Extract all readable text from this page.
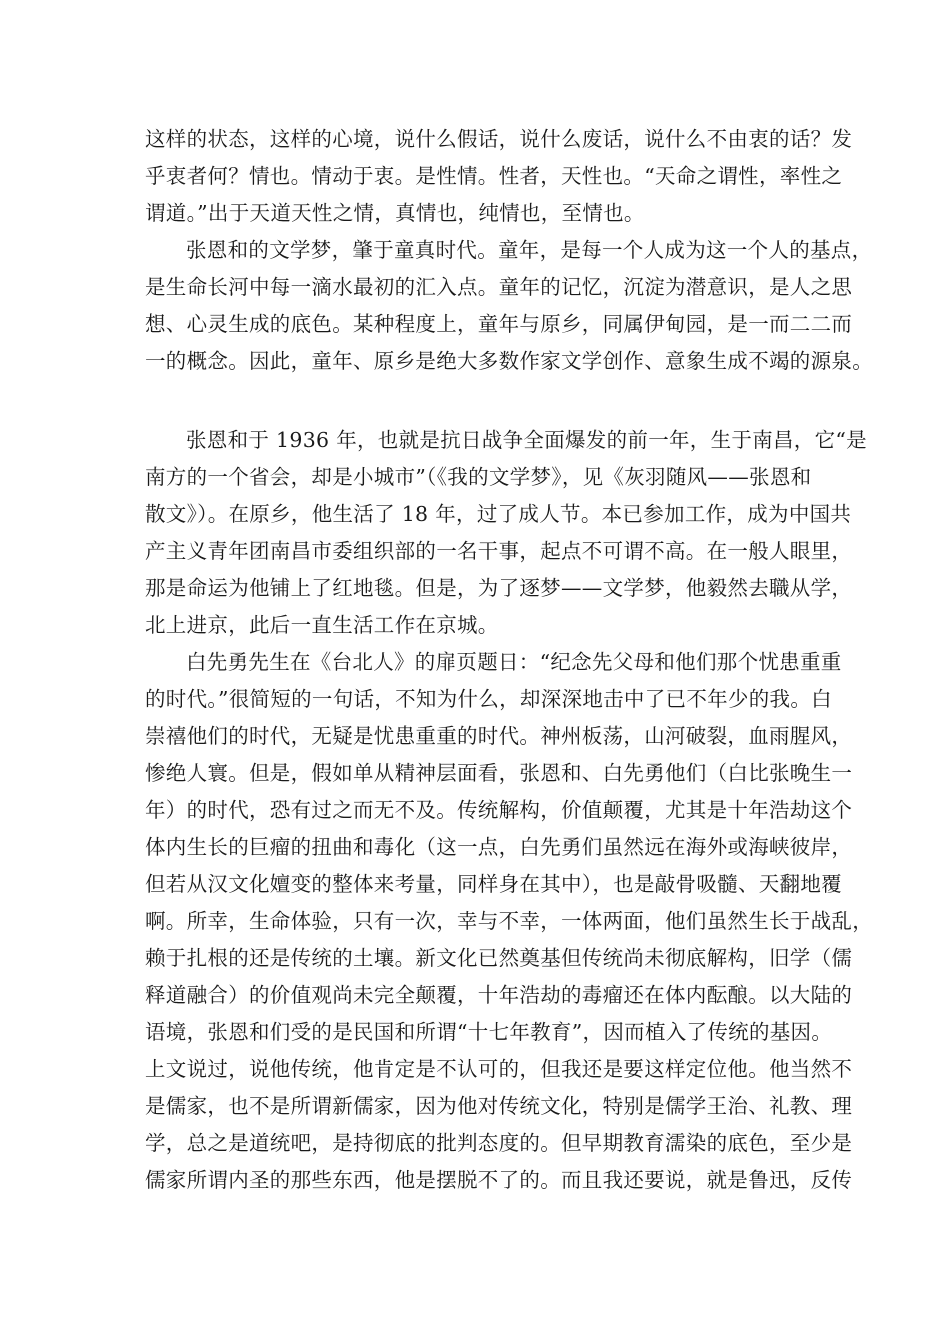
这样的状态，这样的心境，说什么假话，说什么废话，说什么不由衷的话？发
乎衷者何？情也。情动于衷。是性情。性者，天性也。“天命之谓性，率性之
谓道。”出于天道天性之情，真情也，纯情也，至情也。
张恩和的文学梦，肇于童真时代。童年，是每一个人成为这一个人的基点，
是生命长河中每一滴水最初的汇入点。童年的记忆，沉淀为潜意识，是人之思
想、心灵生成的底色。某种程度上，童年与原乡，同属伊甸园，是一而二二而
一的概念。因此，童年、原乡是绝大多数作家文学创作、意象生成不竭的源泉。
张恩和于 1936 年，也就是抗日战争全面爆发的前一年，生于南昌，它“是
南方的一个省会，却是小城市”（《我的文学梦》，见《灰羽随风——张恩和
散文》）。在原乡，他生活了 18 年，过了成人节。本已参加工作，成为中国共
产主义青年团南昌市委组织部的一名干事，起点不可谓不高。在一般人眼里，
那是命运为他铺上了红地毯。但是，为了逐梦——文学梦，他毅然去職从学，
北上进京，此后一直生活工作在京城。
白先勇先生在《台北人》的扉页题日：“纪念先父母和他们那个忧患重重
的时代。”很简短的一句话，不知为什么，却深深地击中了已不年少的我。白
崇禧他们的时代，无疑是忧患重重的时代。神州板荡，山河破裂，血雨腥风，
惨绝人寰。但是，假如单从精神层面看，张恩和、白先勇他们（白比张晚生一
年）的时代，恐有过之而无不及。传统解构，价值颠覆，尤其是十年浩劫这个
体内生长的巨瘤的扭曲和毒化（这一点，白先勇们虽然远在海外或海峡彼岸，
但若从汉文化嬗变的整体来考量，同样身在其中），也是敲骨吸髓、天翻地覆
啊。所幸，生命体验，只有一次，幸与不幸，一体两面，他们虽然生长于战乱，
赖于扎根的还是传统的土壤。新文化已然奠基但传统尚未彻底解构，旧学（儒
释道融合）的价值观尚未完全颠覆，十年浩劫的毒瘤还在体内酝酿。以大陆的
语境，张恩和们受的是民国和所谓“十七年教育”，因而植入了传统的基因。
上文说过，说他传统，他肯定是不认可的，但我还是要这样定位他。他当然不
是儒家，也不是所谓新儒家，因为他对传统文化，特别是儒学王治、礼教、理
学，总之是道统吧，是持彻底的批判态度的。但早期教育濡染的底色，至少是
儒家所谓内圣的那些东西，他是摆脱不了的。而且我还要说，就是鲁迅，反传
